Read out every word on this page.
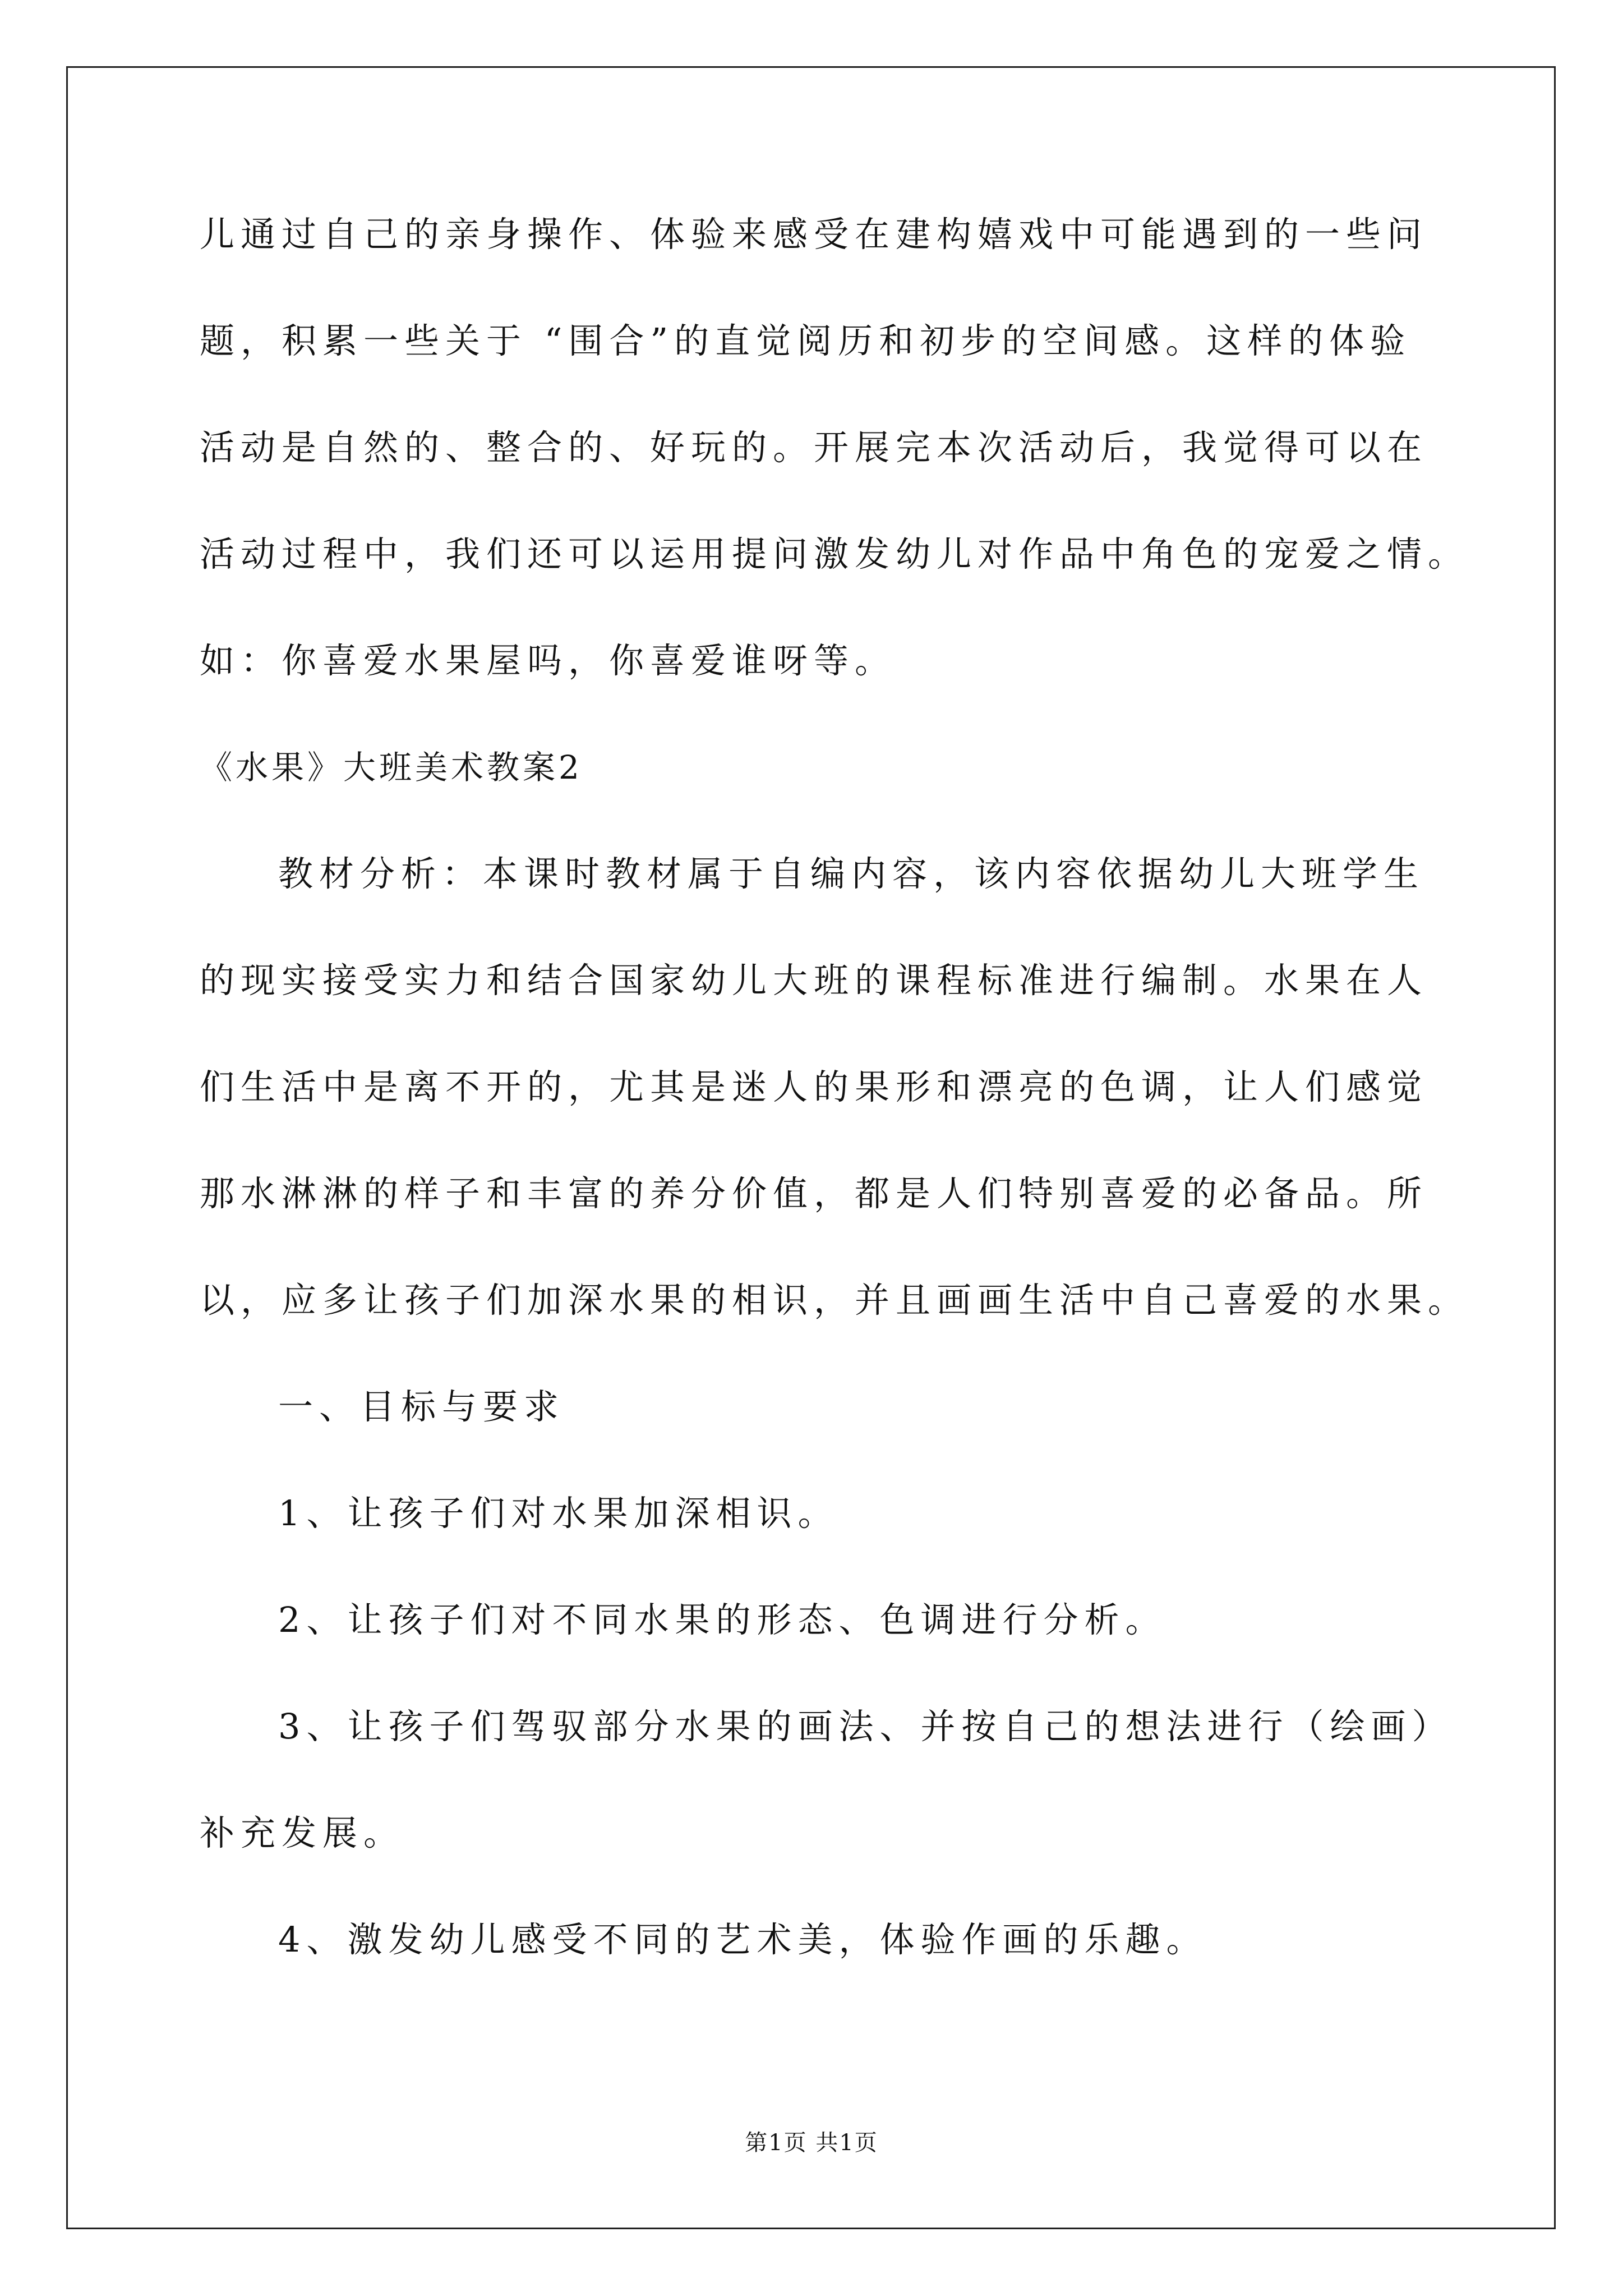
儿通过自己的亲身操作、体验来感受在建构嬉戏中可能遇到的一些问
题，积累一些关于 “围合”的直觉阅历和初步的空间感。这样的体验
活动是自然的、整合的、好玩的。开展完本次活动后，我觉得可以在
活动过程中，我们还可以运用提问激发幼儿对作品中角色的宠爱之情。
如：你喜爱水果屋吗，你喜爱谁呀等。
《水果》大班美术教案2
教材分析：本课时教材属于自编内容，该内容依据幼儿大班学生
的现实接受实力和结合国家幼儿大班的课程标准进行编制。水果在人
们生活中是离不开的，尤其是迷人的果形和漂亮的色调，让人们感觉
那水淋淋的样子和丰富的养分价值，都是人们特别喜爱的必备品。所
以，应多让孩子们加深水果的相识，并且画画生活中自己喜爱的水果。
一、目标与要求
1、让孩子们对水果加深相识。
2、让孩子们对不同水果的形态、色调进行分析。
3、让孩子们驾驭部分水果的画法、并按自己的想法进行（绘画）
补充发展。
4、激发幼儿感受不同的艺术美，体验作画的乐趣。
第1页 共1页
